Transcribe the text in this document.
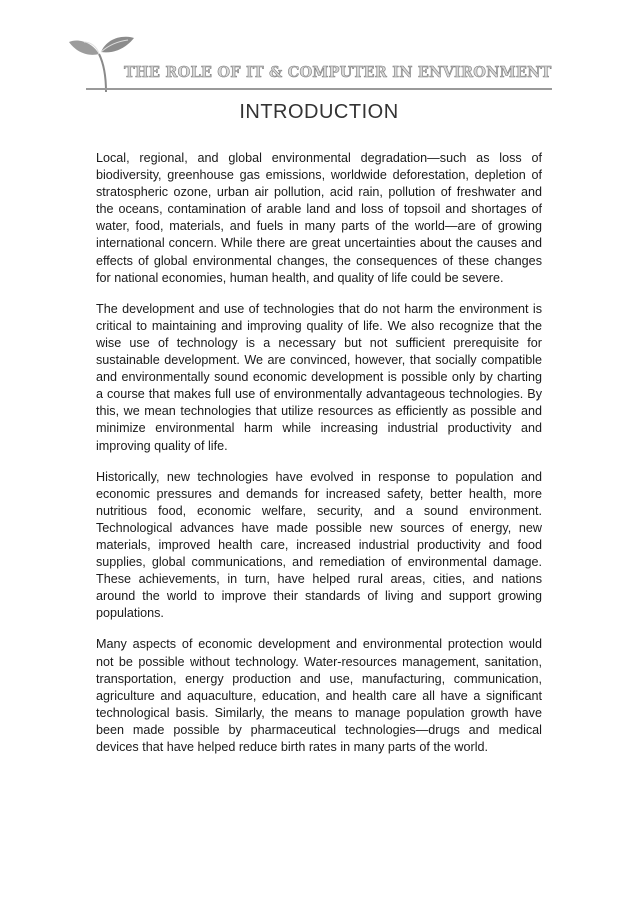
THE ROLE OF IT & COMPUTER IN ENVIRONMENT
INTRODUCTION

Local, regional, and global environmental degradation—such as loss of biodiversity, greenhouse gas emissions, worldwide deforestation, depletion of stratospheric ozone, urban air pollution, acid rain, pollution of freshwater and the oceans, contamination of arable land and loss of topsoil and shortages of water, food, materials, and fuels in many parts of the world—are of growing international concern. While there are great uncertainties about the causes and effects of global environmental changes, the consequences of these changes for national economies, human health, and quality of life could be severe.

The development and use of technologies that do not harm the environment is critical to maintaining and improving quality of life. We also recognize that the wise use of technology is a necessary but not sufficient prerequisite for sustainable development. We are convinced, however, that socially compatible and environmentally sound economic development is possible only by charting a course that makes full use of environmentally advantageous technologies. By this, we mean technologies that utilize resources as efficiently as possible and minimize environmental harm while increasing industrial productivity and improving quality of life.

Historically, new technologies have evolved in response to population and economic pressures and demands for increased safety, better health, more nutritious food, economic welfare, security, and a sound environment. Technological advances have made possible new sources of energy, new materials, improved health care, increased industrial productivity and food supplies, global communications, and remediation of environmental damage. These achievements, in turn, have helped rural areas, cities, and nations around the world to improve their standards of living and support growing populations.

Many aspects of economic development and environmental protection would not be possible without technology. Water-resources management, sanitation, transportation, energy production and use, manufacturing, communication, agriculture and aquaculture, education, and health care all have a significant technological basis. Similarly, the means to manage population growth have been made possible by pharmaceutical technologies—drugs and medical devices that have helped reduce birth rates in many parts of the world.
